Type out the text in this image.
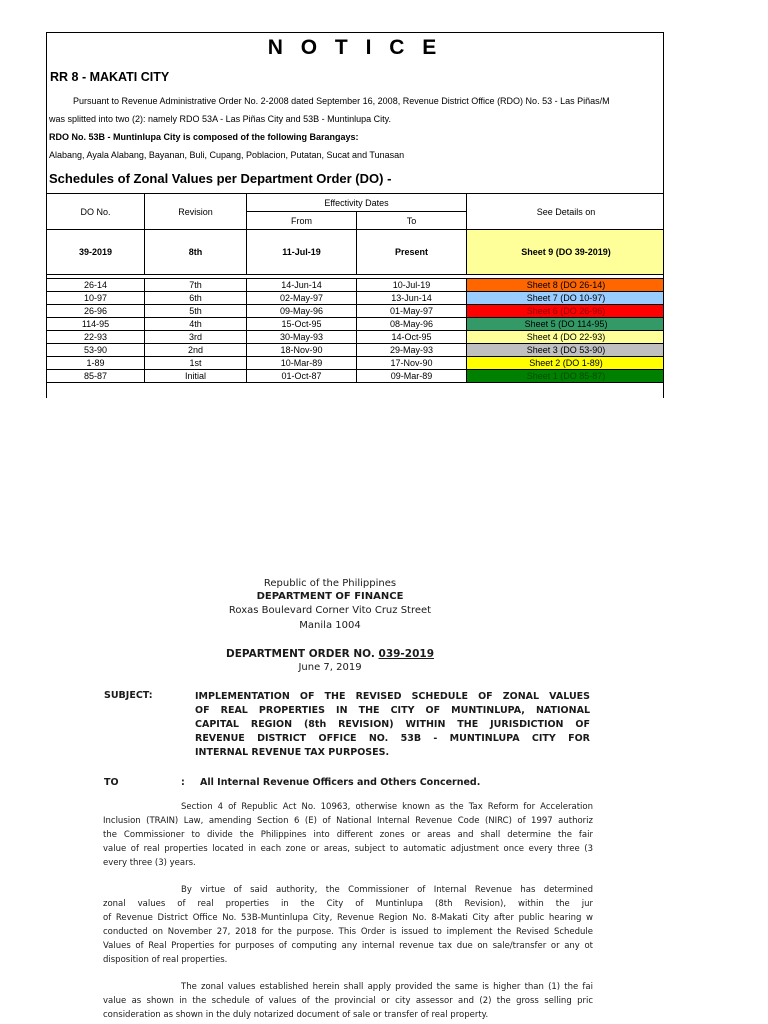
N O T I C E
RR 8 - MAKATI CITY
Pursuant to Revenue Administrative Order No. 2-2008 dated September 16, 2008, Revenue District Office (RDO) No. 53 - Las Piñas/M
was splitted into two (2): namely RDO 53A - Las Piñas City and 53B - Muntinlupa City.
RDO No. 53B - Muntinlupa City is composed of the following Barangays:
Alabang, Ayala Alabang, Bayanan, Buli, Cupang, Poblacion, Putatan, Sucat and Tunasan
Schedules of Zonal Values per Department Order (DO) -
DO No.	Revision	Effectivity Dates		See Details on
		From	To	
39-2019	8th	11-Jul-19	Present	Sheet 9 (DO 39-2019)

26-14	7th	14-Jun-14	10-Jul-19	Sheet 8 (DO 26-14)
10-97	6th	02-May-97	13-Jun-14	Sheet 7 (DO 10-97)
26-96	5th	09-May-96	01-May-97	Sheet 6 (DO 26-96)
114-95	4th	15-Oct-95	08-May-96	Sheet 5 (DO 114-95)
22-93	3rd	30-May-93	14-Oct-95	Sheet 4 (DO 22-93)
53-90	2nd	18-Nov-90	29-May-93	Sheet 3 (DO 53-90)
1-89	1st	10-Mar-89	17-Nov-90	Sheet 2 (DO 1-89)
85-87	Initial	01-Oct-87	09-Mar-89	Sheet 1 (DO 85-87)
Republic of the Philippines
DEPARTMENT OF FINANCE
Roxas Boulevard Corner Vito Cruz Street
Manila 1004
DEPARTMENT ORDER NO. 039-2019
June 7, 2019
SUBJECT:	IMPLEMENTATION OF THE REVISED SCHEDULE OF ZONAL VALUES
OF REAL PROPERTIES IN THE CITY OF MUNTINLUPA, NATIONAL
CAPITAL REGION (8th REVISION) WITHIN THE JURISDICTION OF
REVENUE DISTRICT OFFICE NO. 53B - MUNTINLUPA CITY FOR
INTERNAL REVENUE TAX PURPOSES.
TO	: All Internal Revenue Officers and Others Concerned.
Section 4 of Republic Act No. 10963, otherwise known as the Tax Reform for Acceleration
Inclusion (TRAIN) Law, amending Section 6 (E) of National Internal Revenue Code (NIRC) of 1997 authoriz
the Commissioner to divide the Philippines into different zones or areas and shall determine the fair
value of real properties located in each zone or areas, subject to automatic adjustment once every three (3
every three (3) years.
By virtue of said authority, the Commissioner of Internal Revenue has determined
zonal values of real properties in the City of Muntinlupa (8th Revision), within the jur
of Revenue District Office No. 53B-Muntinlupa City, Revenue Region No. 8-Makati City after public hearing w
conducted on November 27, 2018 for the purpose. This Order is issued to implement the Revised Schedule
Values of Real Properties for purposes of computing any internal revenue tax due on sale/transfer or any ot
disposition of real properties.
The zonal values established herein shall apply provided the same is higher than (1) the fai
value as shown in the schedule of values of the provincial or city assessor and (2) the gross selling pric
consideration as shown in the duly notarized document of sale or transfer of real property.
